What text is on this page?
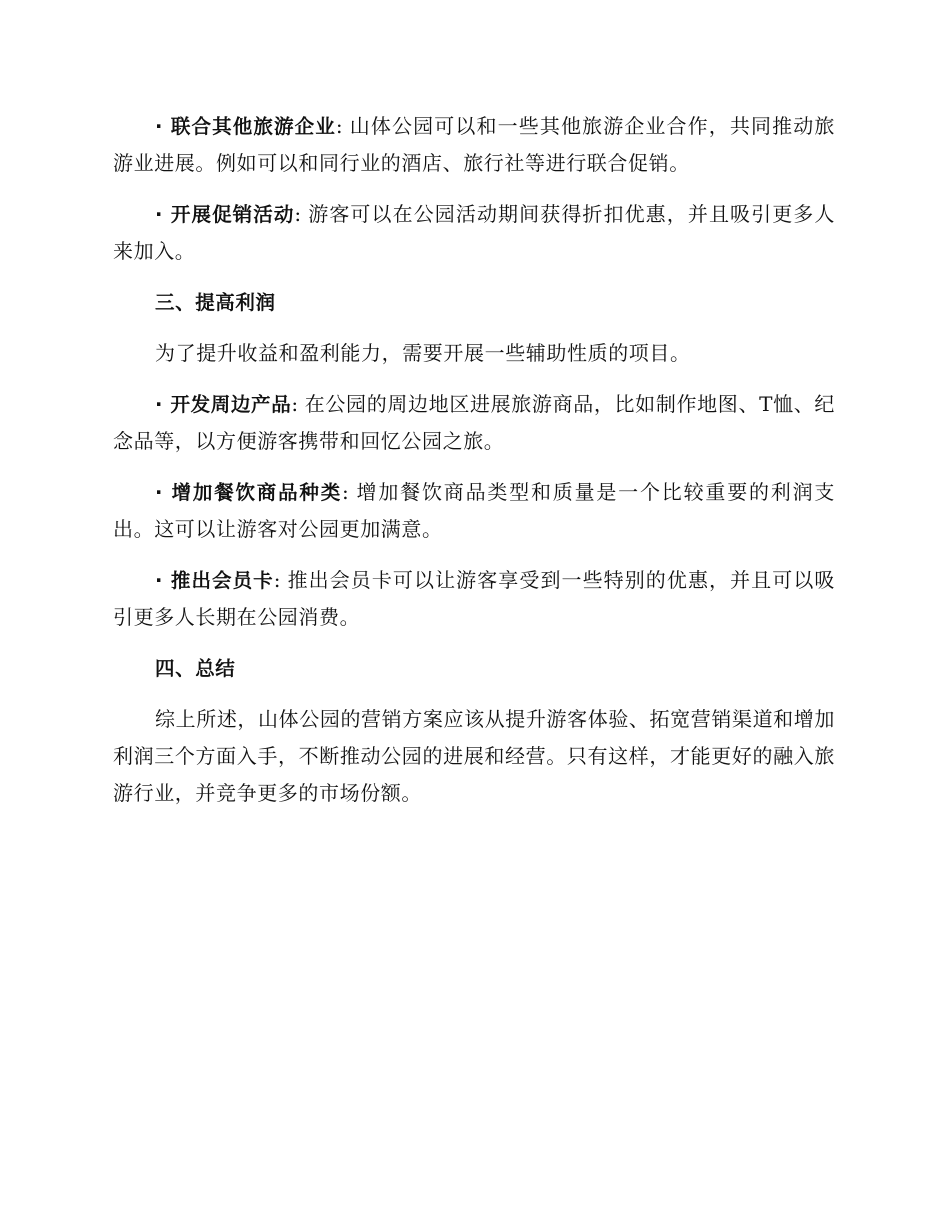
· 联合其他旅游企业: 山体公园可以和一些其他旅游企业合作，共同推动旅游业进展。例如可以和同行业的酒店、旅行社等进行联合促销。

· 开展促销活动: 游客可以在公园活动期间获得折扣优惠，并且吸引更多人来加入。

三、提高利润

为了提升收益和盈利能力，需要开展一些辅助性质的项目。

· 开发周边产品: 在公园的周边地区进展旅游商品，比如制作地图、T恤、纪念品等，以方便游客携带和回忆公园之旅。

· 增加餐饮商品种类: 增加餐饮商品类型和质量是一个比较重要的利润支出。这可以让游客对公园更加满意。

· 推出会员卡: 推出会员卡可以让游客享受到一些特别的优惠，并且可以吸引更多人长期在公园消费。

四、总结

综上所述，山体公园的营销方案应该从提升游客体验、拓宽营销渠道和增加利润三个方面入手，不断推动公园的进展和经营。只有这样，才能更好的融入旅游行业，并竞争更多的市场份额。
